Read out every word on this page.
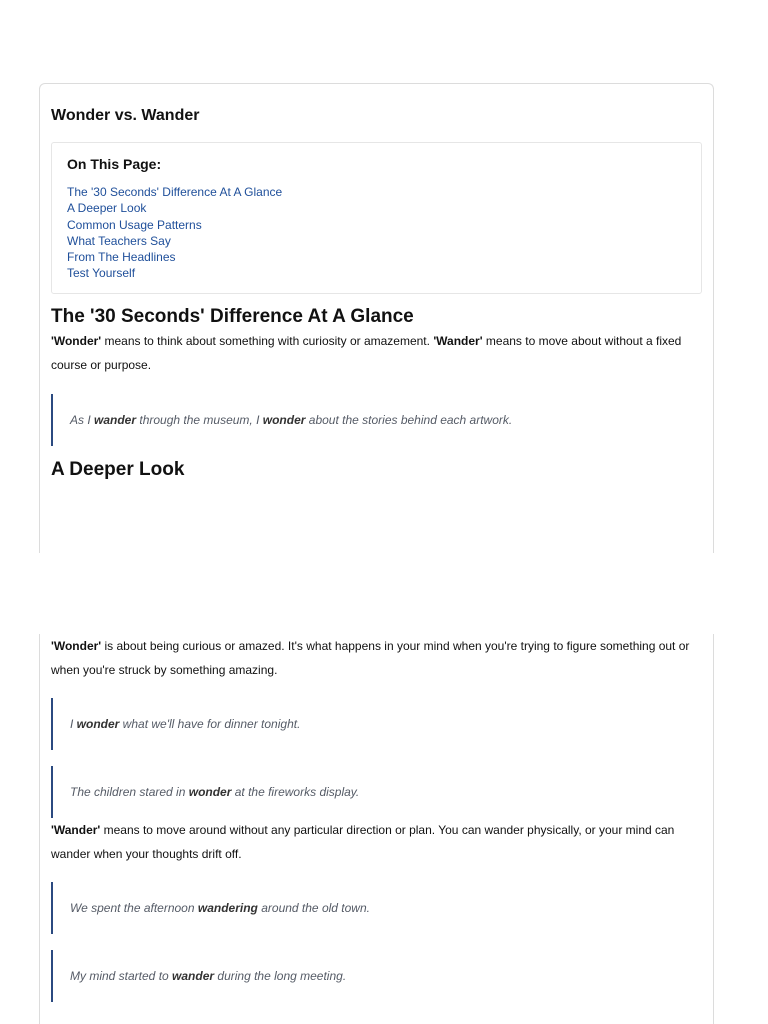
Wonder vs. Wander
On This Page:
The '30 Seconds' Difference At A Glance
A Deeper Look
Common Usage Patterns
What Teachers Say
From The Headlines
Test Yourself
The '30 Seconds' Difference At A Glance

'Wonder' means to think about something with curiosity or amazement. 'Wander' means to move about without a fixed course or purpose.

As I wander through the museum, I wonder about the stories behind each artwork.
A Deeper Look

'Wonder' is about being curious or amazed. It's what happens in your mind when you're trying to figure something out or when you're struck by something amazing.

I wonder what we'll have for dinner tonight.
The children stared in wonder at the fireworks display.

'Wander' means to move around without any particular direction or plan. You can wander physically, or your mind can wander when your thoughts drift off.

We spent the afternoon wandering around the old town.
My mind started to wander during the long meeting.
